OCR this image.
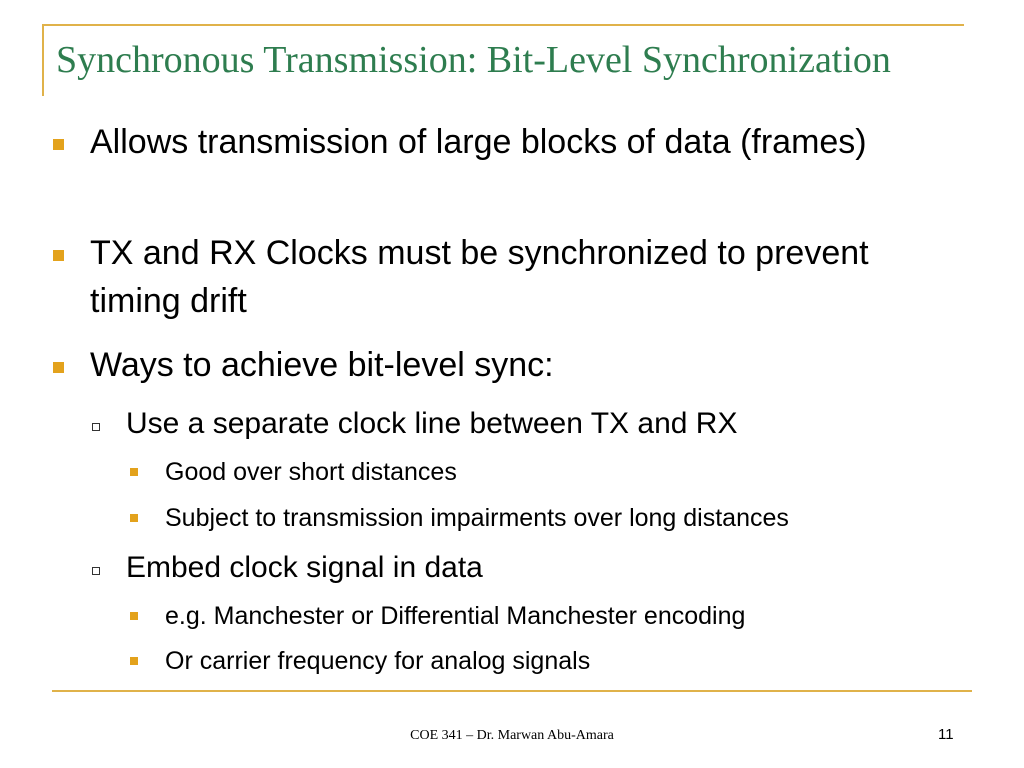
Synchronous Transmission: Bit-Level Synchronization
Allows transmission of large blocks of data (frames)
TX and RX Clocks must be synchronized to prevent timing drift
Ways to achieve bit-level sync:
Use a separate clock line between TX and RX
Good over short distances
Subject to transmission impairments over long distances
Embed clock signal in data
e.g. Manchester or Differential Manchester encoding
Or carrier frequency for analog signals
COE 341 – Dr. Marwan Abu-Amara	11
